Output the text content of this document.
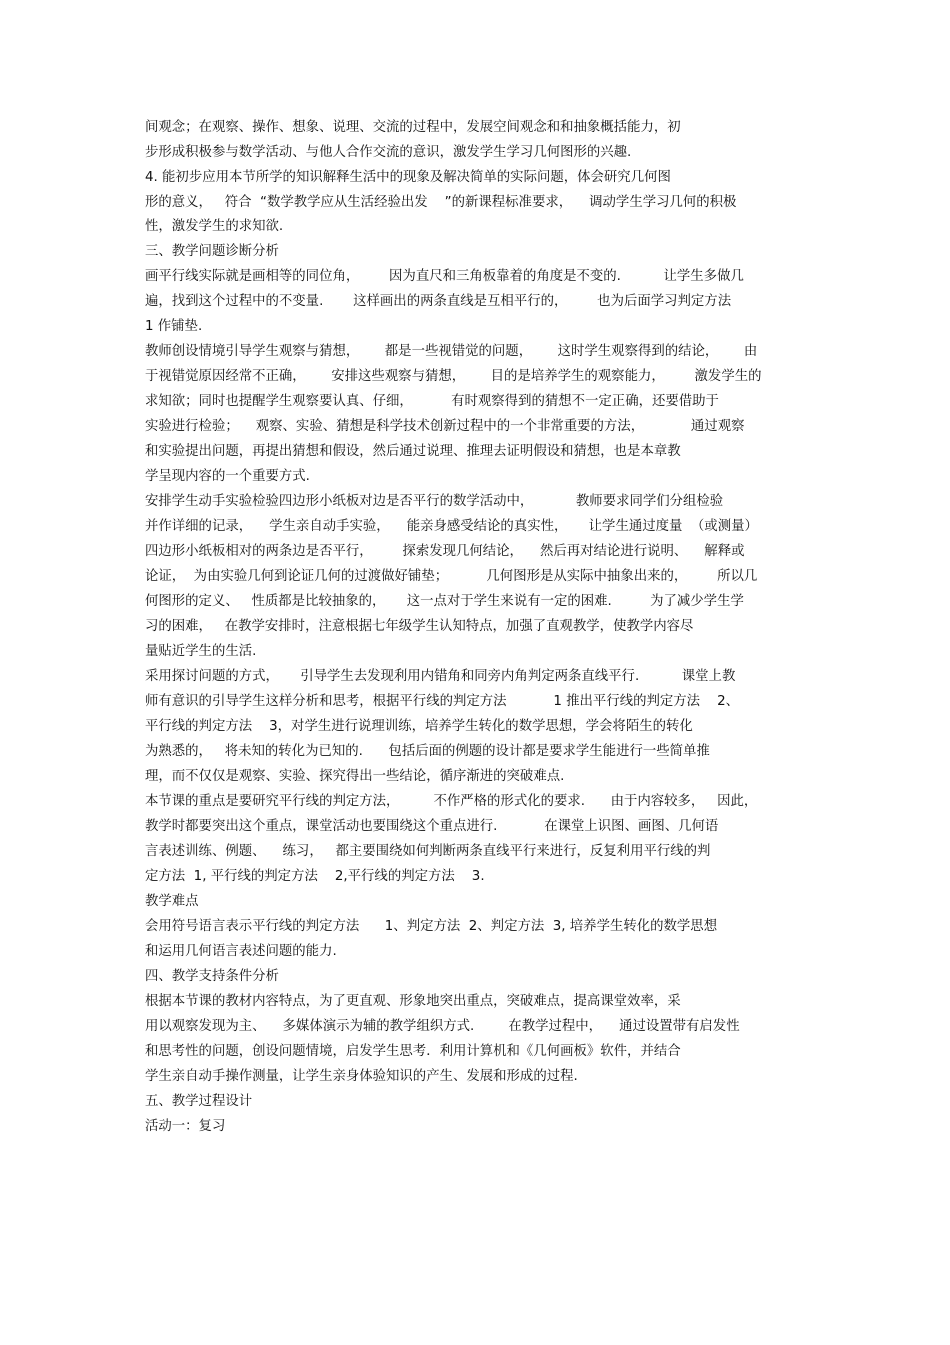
间观念；在观察、操作、想象、说理、交流的过程中，发展空间观念和和抽象概括能力，初
步形成积极参与数学活动、与他人合作交流的意识，激发学生学习几何图形的兴趣.
4. 能初步应用本节所学的知识解释生活中的现象及解决简单的实际问题，体会研究几何图
形的意义，   符合  “数学教学应从生活经验出发    ”的新课程标准要求，    调动学生学习几何的积极
性，激发学生的求知欲.
三、教学问题诊断分析
画平行线实际就是画相等的同位角，       因为直尺和三角板靠着的角度是不变的.          让学生多做几
遍，找到这个过程中的不变量.       这样画出的两条直线是互相平行的，       也为后面学习判定方法
1 作铺垫.
教师创设情境引导学生观察与猜想，      都是一些视错觉的问题，      这时学生观察得到的结论，      由
于视错觉原因经常不正确，      安排这些观察与猜想，      目的是培养学生的观察能力，       激发学生的
求知欲；同时也提醒学生观察要认真、仔细，         有时观察得到的猜想不一定正确，还要借助于
实验进行检验；    观察、实验、猜想是科学技术创新过程中的一个非常重要的方法，           通过观察
和实验提出问题，再提出猜想和假设，然后通过说理、推理去证明假设和猜想，也是本章教
学呈现内容的一个重要方式.
安排学生动手实验检验四边形小纸板对边是否平行的数学活动中，          教师要求同学们分组检验
并作详细的记录，    学生亲自动手实验，    能亲身感受结论的真实性，     让学生通过度量  （或测量）
四边形小纸板相对的两条边是否平行，       探索发现几何结论，    然后再对结论进行说明、    解释或
论证，  为由实验几何到论证几何的过渡做好铺垫；         几何图形是从实际中抽象出来的，       所以几
何图形的定义、   性质都是比较抽象的，     这一点对于学生来说有一定的困难.         为了减少学生学
习的困难，   在教学安排时，注意根据七年级学生认知特点，加强了直观教学，使教学内容尽
量贴近学生的生活.
采用探讨问题的方式，     引导学生去发现利用内错角和同旁内角判定两条直线平行.          课堂上教
师有意识的引导学生这样分析和思考，根据平行线的判定方法           1 推出平行线的判定方法    2、
平行线的判定方法    3，对学生进行说理训练，培养学生转化的数学思想，学会将陌生的转化
为熟悉的，   将未知的转化为已知的.      包括后面的例题的设计都是要求学生能进行一些简单推
理，而不仅仅是观察、实验、探究得出一些结论，循序渐进的突破难点.
本节课的重点是要研究平行线的判定方法，        不作严格的形式化的要求.      由于内容较多，   因此，
教学时都要突出这个重点，课堂活动也要围绕这个重点进行.           在课堂上识图、画图、几何语
言表述训练、例题、    练习，   都主要围绕如何判断两条直线平行来进行，反复利用平行线的判
定方法  1, 平行线的判定方法    2,平行线的判定方法    3.
教学难点
会用符号语言表示平行线的判定方法      1、判定方法  2、判定方法  3, 培养学生转化的数学思想
和运用几何语言表述问题的能力.
四、教学支持条件分析
根据本节课的教材内容特点，为了更直观、形象地突出重点，突破难点，提高课堂效率，采
用以观察发现为主、    多媒体演示为辅的教学组织方式.        在教学过程中，    通过设置带有启发性
和思考性的问题，创设问题情境，启发学生思考．利用计算机和《几何画板》软件，并结合
学生亲自动手操作测量，让学生亲身体验知识的产生、发展和形成的过程.
五、教学过程设计
活动一：复习
